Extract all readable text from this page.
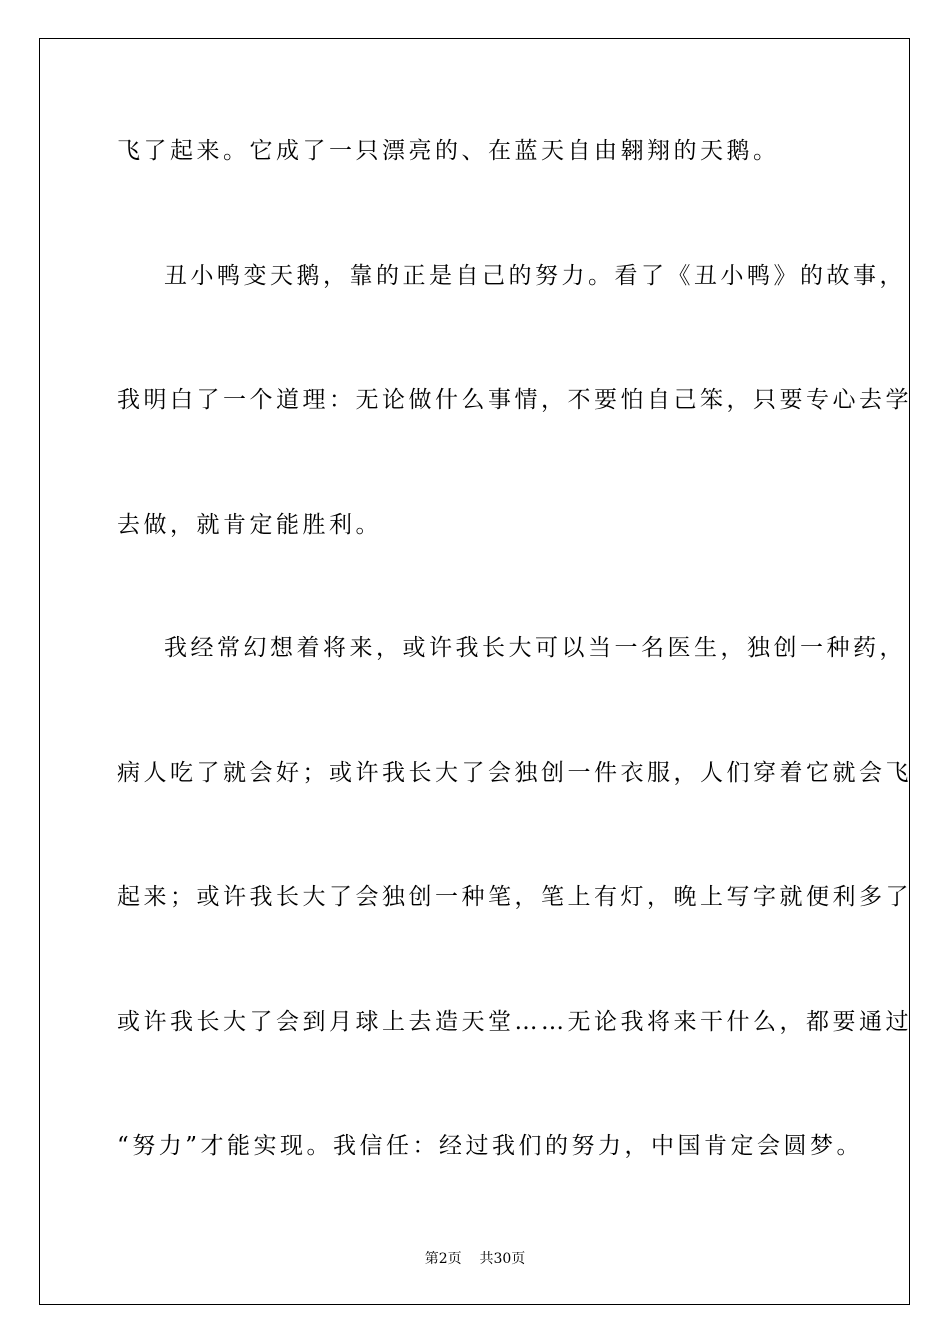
飞了起来。它成了一只漂亮的、在蓝天自由翱翔的天鹅。

丑小鸭变天鹅，靠的正是自己的努力。看了《丑小鸭》的故事，

我明白了一个道理：无论做什么事情，不要怕自己笨，只要专心去学

去做，就肯定能胜利。

我经常幻想着将来，或许我长大可以当一名医生，独创一种药，

病人吃了就会好；或许我长大了会独创一件衣服，人们穿着它就会飞

起来；或许我长大了会独创一种笔，笔上有灯，晚上写字就便利多了

或许我长大了会到月球上去造天堂……无论我将来干什么，都要通过

“努力”才能实现。我信任：经过我们的努力，中国肯定会圆梦。

第2页    共30页
